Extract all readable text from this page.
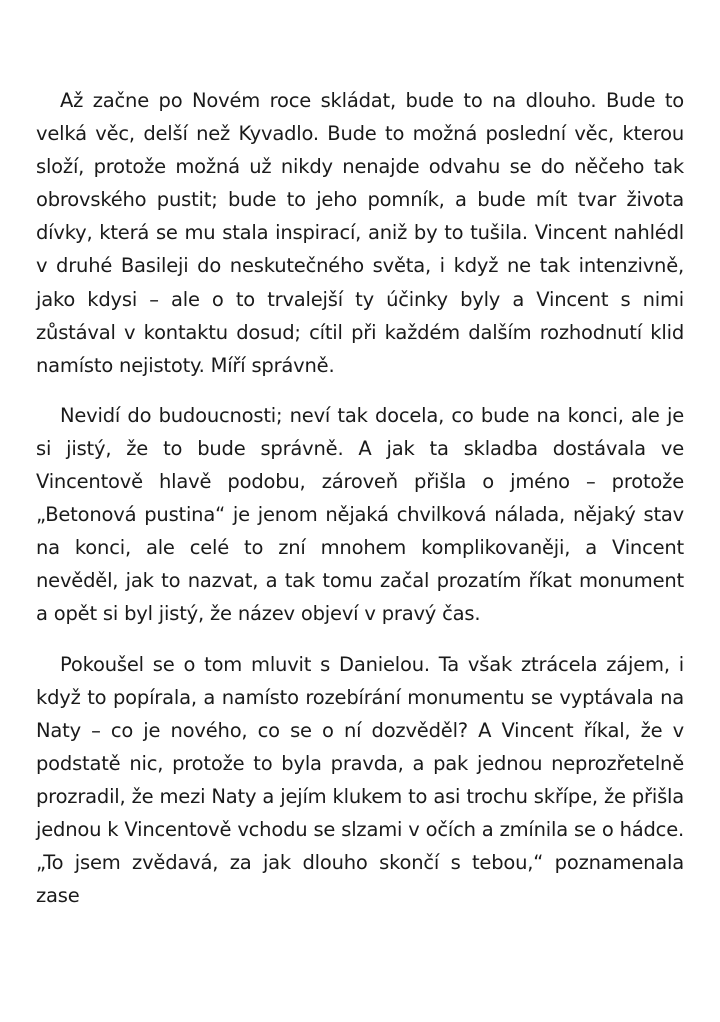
Až začne po Novém roce skládat, bude to na dlouho. Bude to velká věc, delší než Kyvadlo. Bude to možná poslední věc, kterou složí, protože možná už nikdy nenajde odvahu se do něčeho tak obrovského pustit; bude to jeho pomník, a bude mít tvar života dívky, která se mu stala inspirací, aniž by to tušila. Vincent nahlédl v druhé Basileji do neskutečného světa, i když ne tak intenzivně, jako kdysi – ale o to trvalejší ty účinky byly a Vincent s nimi zůstával v kontaktu dosud; cítil při každém dalším rozhodnutí klid namísto nejistoty. Míří správně.

Nevidí do budoucnosti; neví tak docela, co bude na konci, ale je si jistý, že to bude správně. A jak ta skladba dostávala ve Vincentově hlavě podobu, zároveň přišla o jméno – protože „Betonová pustina“ je jenom nějaká chvilková nálada, nějaký stav na konci, ale celé to zní mnohem komplikovaněji, a Vincent nevěděl, jak to nazvat, a tak tomu začal prozatím říkat monument a opět si byl jistý, že název objeví v pravý čas.

Pokoušel se o tom mluvit s Danielou. Ta však ztrácela zájem, i když to popírala, a namísto rozebírání monumentu se vyptávala na Naty – co je nového, co se o ní dozvěděl? A Vincent říkal, že v podstatě nic, protože to byla pravda, a pak jednou neprozřetelně prozradil, že mezi Naty a jejím klukem to asi trochu skřípe, že přišla jednou k Vincentově vchodu se slzami v očích a zmínila se o hádce. „To jsem zvědavá, za jak dlouho skončí s tebou,“ poznamenala zase
